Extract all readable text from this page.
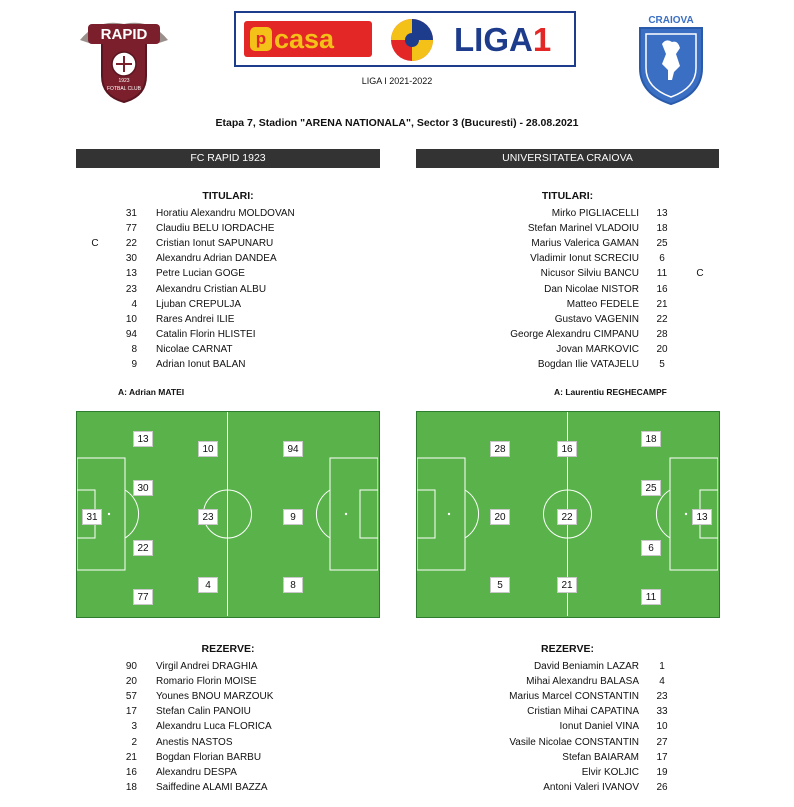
RAPID
1923
FOTBAL CLUB
p casa	LIGA1
CRAIOVA
LIGA I 2021-2022
Etapa 7, Stadion "ARENA NATIONALA", Sector 3 (Bucuresti) - 28.08.2021
FC RAPID 1923	UNIVERSITATEA CRAIOVA
TITULARI:	TITULARI:
31 Horatiu Alexandru MOLDOVAN
77 Claudiu BELU IORDACHE
C	22 Cristian Ionut SAPUNARU
30 Alexandru Adrian DANDEA
13 Petre Lucian GOGE
23 Alexandru Cristian ALBU
4 Ljuban CREPULJA
10 Rares Andrei ILIE
94 Catalin Florin HLISTEI
8 Nicolae CARNAT
9 Adrian Ionut BALAN
Mirko PIGLIACELLI	13
Stefan Marinel VLADOIU	18
Marius Valerica GAMAN	25
Vladimir Ionut SCRECIU	6
Nicusor Silviu BANCU	11	C
Dan Nicolae NISTOR	16
Matteo FEDELE	21
Gustavo VAGENIN	22
George Alexandru CIMPANU	28
Jovan MARKOVIC	20
Bogdan Ilie VATAJELU	5
A: Adrian MATEI	A: Laurentiu REGHECAMPF
13
10	94
30
31	23	9
22
4	8
77
28	16
18
25
20	22	13
6
5	21
11
REZERVE:	REZERVE:
90 Virgil Andrei DRAGHIA
20 Romario Florin MOISE
57 Younes BNOU MARZOUK
17 Stefan Calin PANOIU
3 Alexandru Luca FLORICA
2 Anestis NASTOS
21 Bogdan Florian BARBU
16 Alexandru DESPA
18 Saiffedine ALAMI BAZZA
David Beniamin LAZAR	1
Mihai Alexandru BALASA	4
Marius Marcel CONSTANTIN	23
Cristian Mihai CAPATINA	33
Ionut Daniel VINA	10
Vasile Nicolae CONSTANTIN	27
Stefan BAIARAM	17
Elvir KOLJIC	19
Antoni Valeri IVANOV	26
